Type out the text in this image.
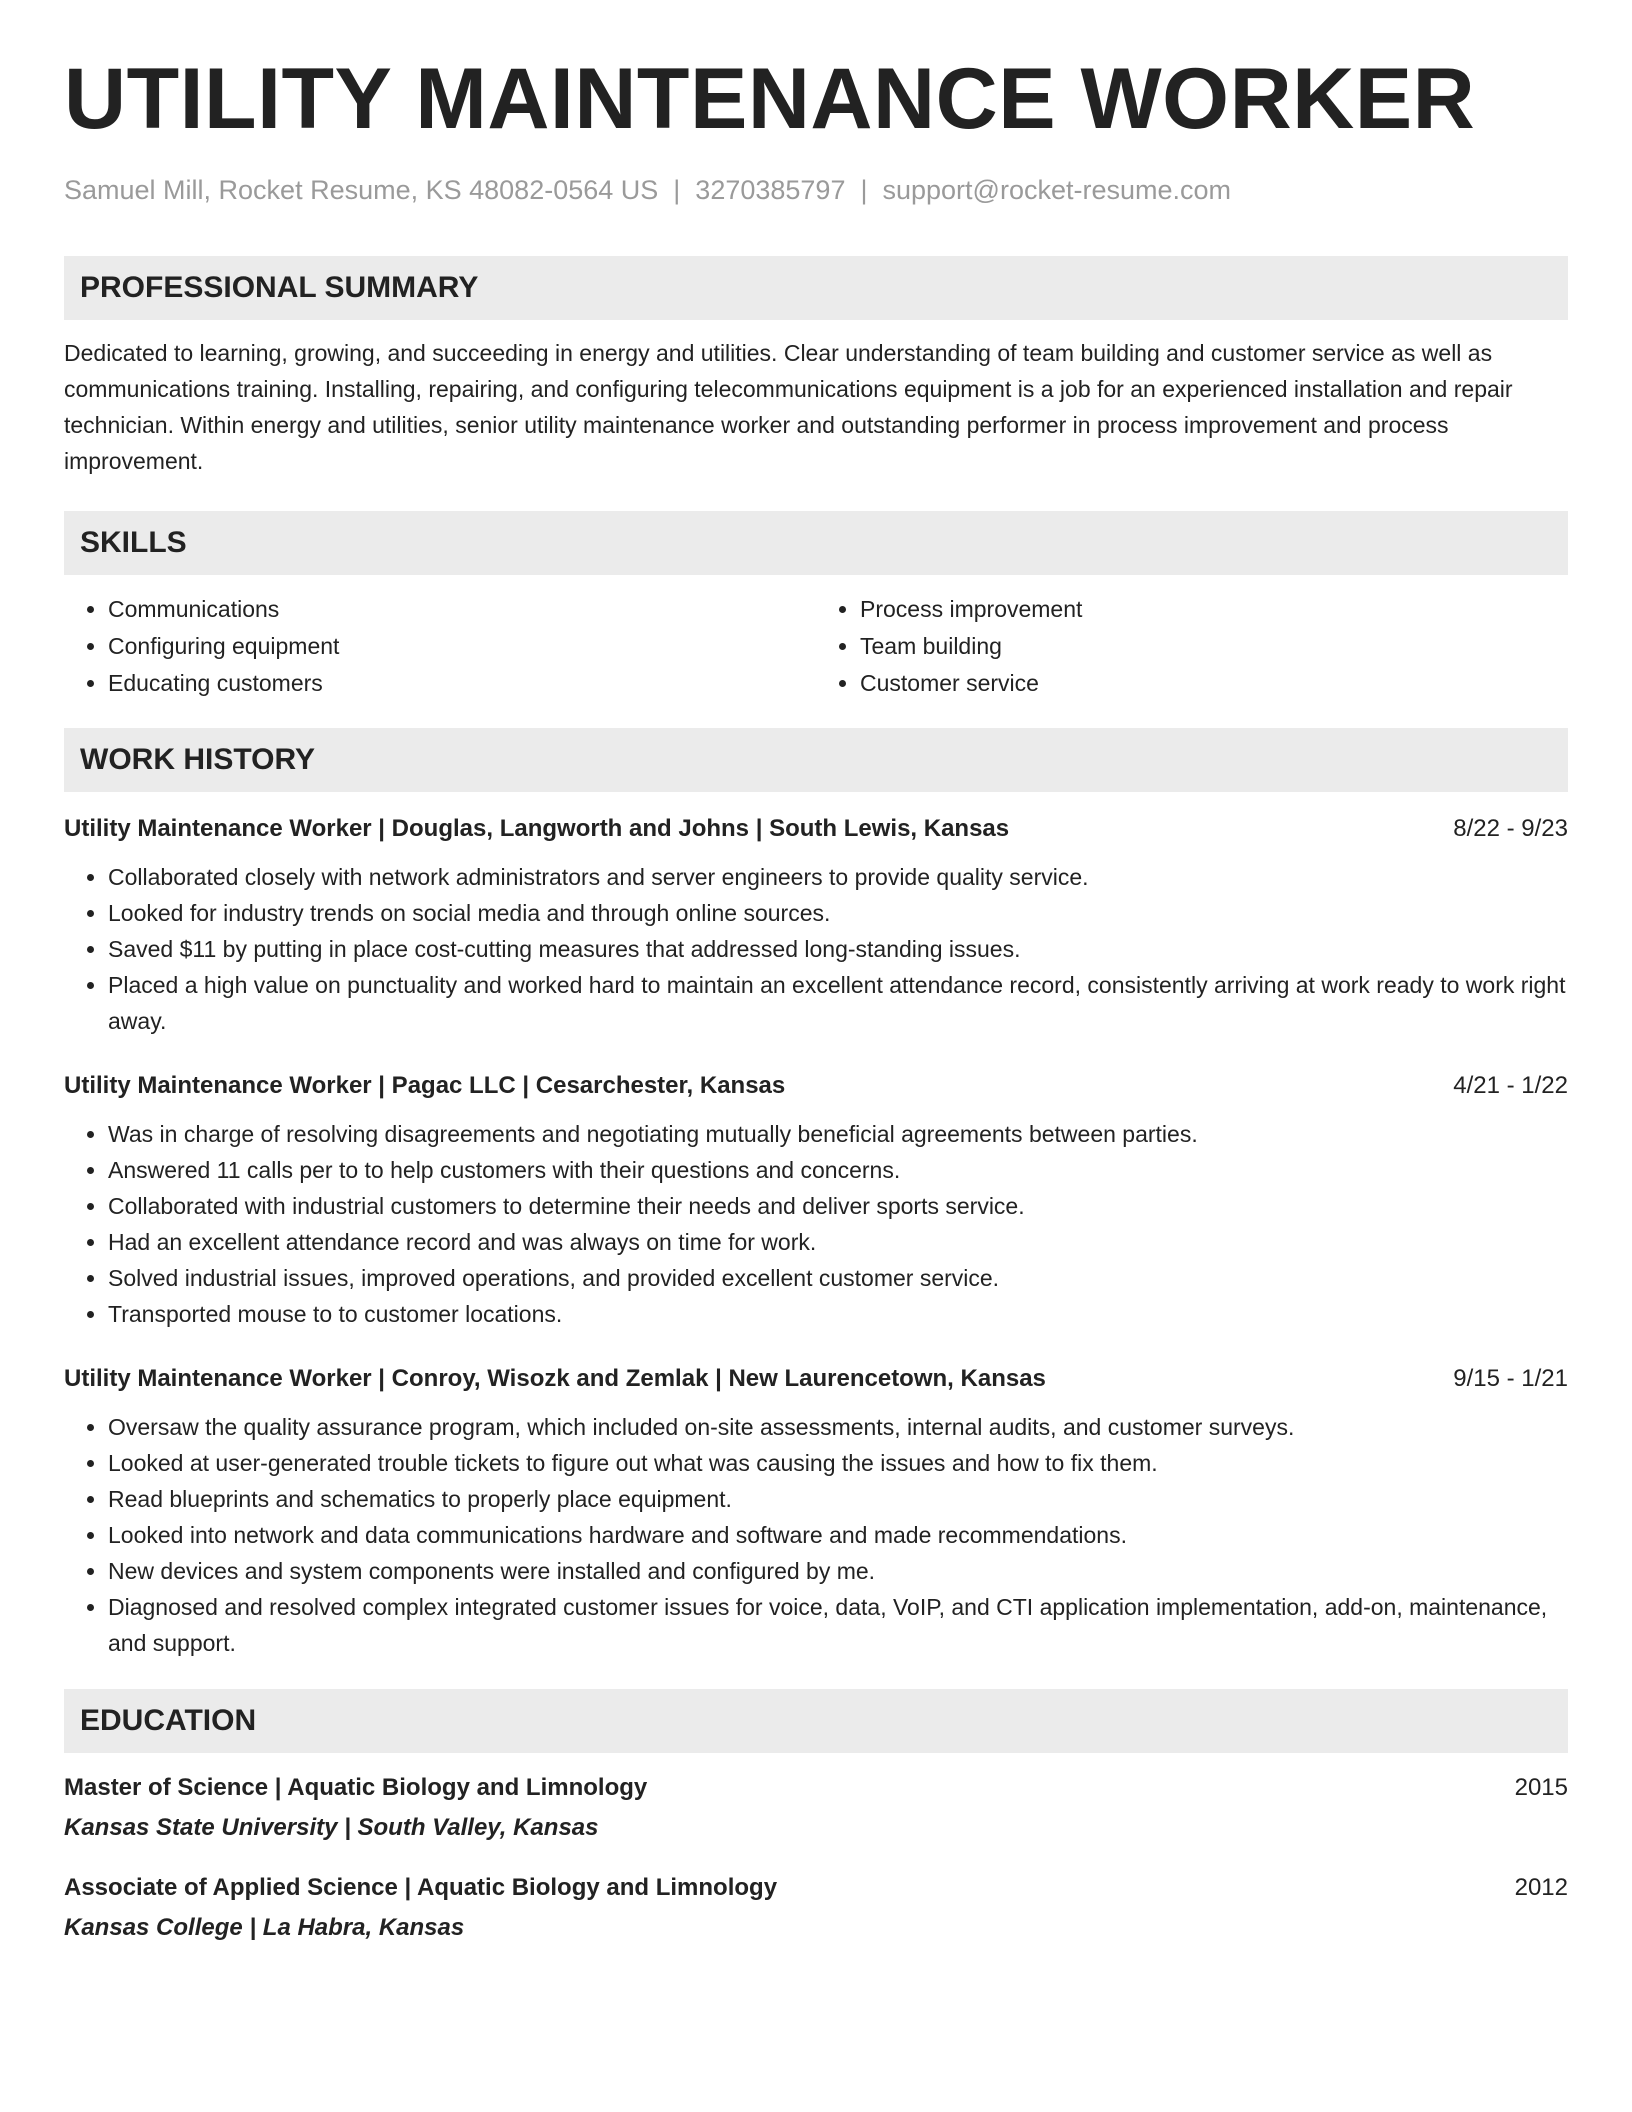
UTILITY MAINTENANCE WORKER
Samuel Mill, Rocket Resume, KS 48082-0564 US | 3270385797 | support@rocket-resume.com
PROFESSIONAL SUMMARY

Dedicated to learning, growing, and succeeding in energy and utilities. Clear understanding of team building and customer service as well as communications training. Installing, repairing, and configuring telecommunications equipment is a job for an experienced installation and repair technician. Within energy and utilities, senior utility maintenance worker and outstanding performer in process improvement and process improvement.

SKILLS
• Communications
• Configuring equipment
• Educating customers
• Process improvement
• Team building
• Customer service
WORK HISTORY
Utility Maintenance Worker | Douglas, Langworth and Johns | South Lewis, Kansas	8/22 - 9/23
• Collaborated closely with network administrators and server engineers to provide quality service.
• Looked for industry trends on social media and through online sources.
• Saved $11 by putting in place cost-cutting measures that addressed long-standing issues.
• Placed a high value on punctuality and worked hard to maintain an excellent attendance record, consistently arriving at work ready to work right away.
Utility Maintenance Worker | Pagac LLC | Cesarchester, Kansas	4/21 - 1/22
• Was in charge of resolving disagreements and negotiating mutually beneficial agreements between parties.
• Answered 11 calls per to to help customers with their questions and concerns.
• Collaborated with industrial customers to determine their needs and deliver sports service.
• Had an excellent attendance record and was always on time for work.
• Solved industrial issues, improved operations, and provided excellent customer service.
• Transported mouse to to customer locations.
Utility Maintenance Worker | Conroy, Wisozk and Zemlak | New Laurencetown, Kansas	9/15 - 1/21
• Oversaw the quality assurance program, which included on-site assessments, internal audits, and customer surveys.
• Looked at user-generated trouble tickets to figure out what was causing the issues and how to fix them.
• Read blueprints and schematics to properly place equipment.
• Looked into network and data communications hardware and software and made recommendations.
• New devices and system components were installed and configured by me.
• Diagnosed and resolved complex integrated customer issues for voice, data, VoIP, and CTI application implementation, add-on, maintenance, and support.
EDUCATION
Master of Science | Aquatic Biology and Limnology	2015
Kansas State University | South Valley, Kansas
Associate of Applied Science | Aquatic Biology and Limnology	2012
Kansas College | La Habra, Kansas
